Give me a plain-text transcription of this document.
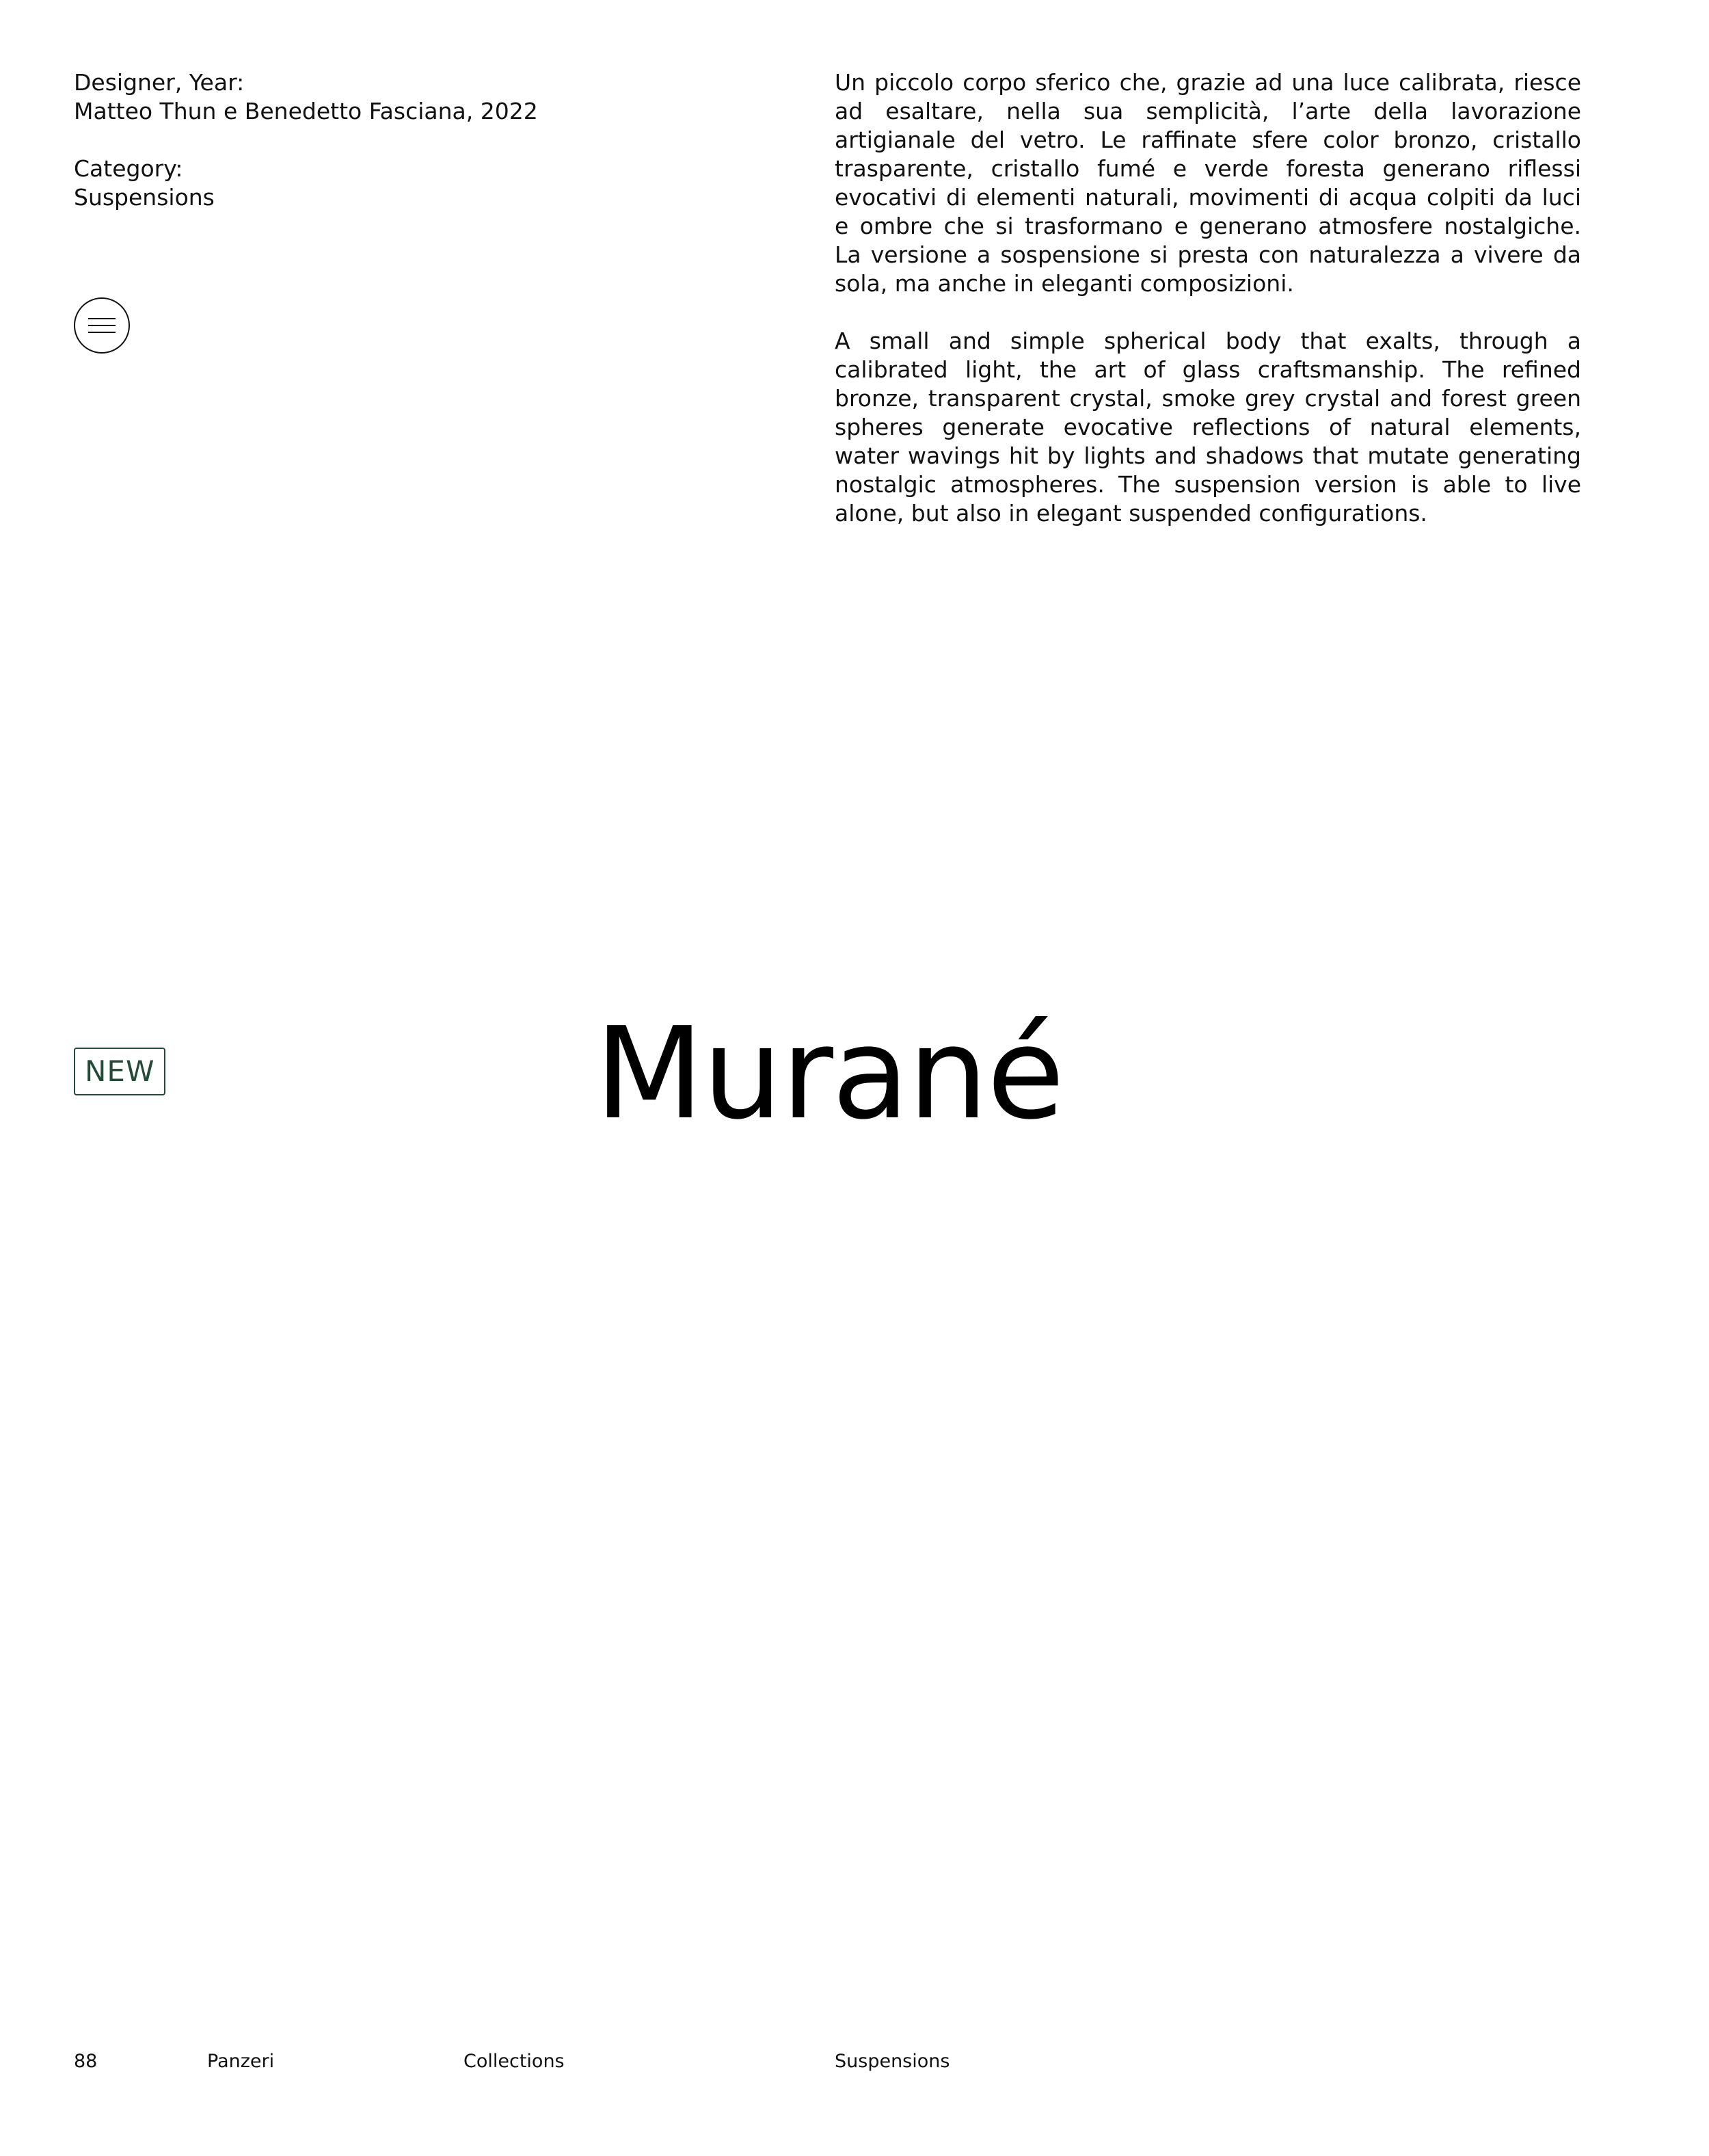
Designer, Year:

Matteo Thun e Benedetto Fasciana, 2022

Category:

Suspensions

Un piccolo corpo sferico che, grazie ad una luce calibrata, riesce ad esaltare, nella sua semplicità, l’arte della lavorazione artigianale del vetro. Le raffinate sfere color bronzo, cristallo trasparente, cristallo fumé e verde foresta generano riflessi evocativi di elementi naturali, movimenti di acqua colpiti da luci e ombre che si trasformano e generano atmosfere nostalgiche. La versione a sospensione si presta con naturalezza a vivere da sola, ma anche in eleganti composizioni.

A small and simple spherical body that exalts, through a calibrated light, the art of glass craftsmanship. The refined bronze, transparent crystal, smoke grey crystal and forest green spheres generate evocative reflections of natural elements, water wavings hit by lights and shadows that mutate generating nostalgic atmospheres. The suspension version is able to live alone, but also in elegant suspended configurations.

NEW	Murané
88	Panzeri	Collections	Suspensions
